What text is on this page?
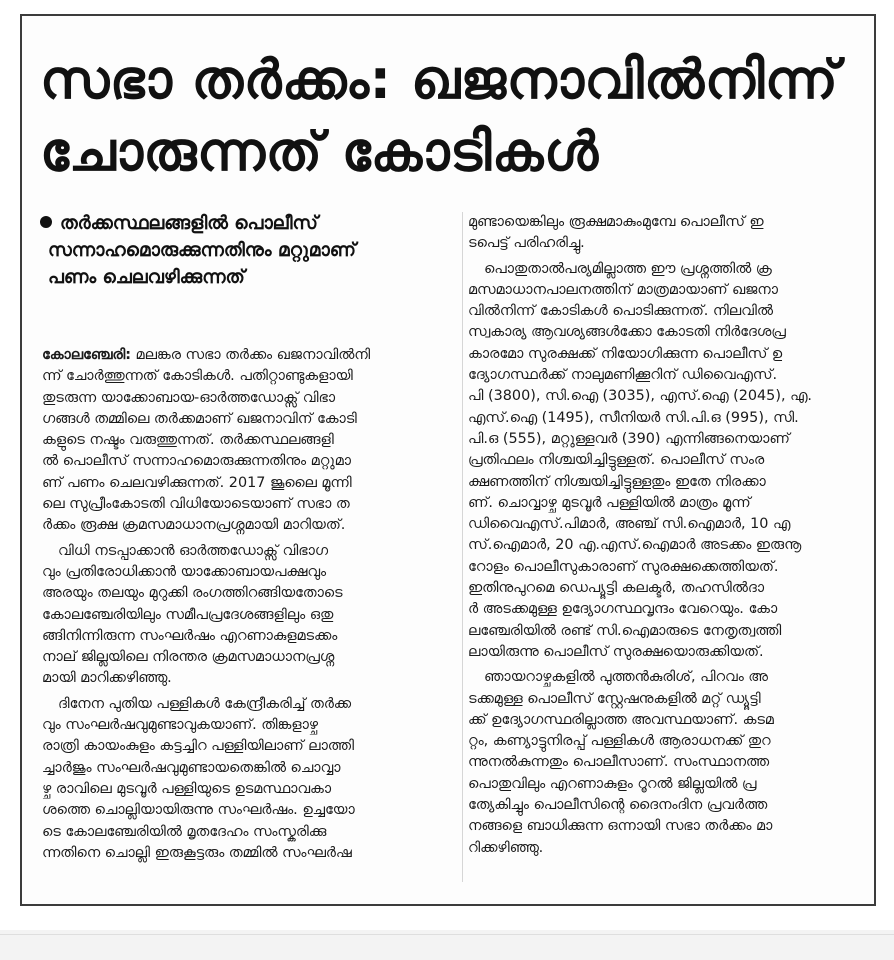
സഭാ തർക്കം: ഖജനാവിൽനിന്ന്
ചോരുന്നത് കോടികൾ
തർക്കസ്ഥലങ്ങളിൽ പൊലീസ്
സന്നാഹമൊരുക്കുന്നതിനും മറ്റുമാണ്
പണം ചെലവഴിക്കുന്നത്
കോലഞ്ചേരി: മലങ്കര സഭാ തർക്കം ഖജനാവിൽനി
ന്ന് ചോർത്തുന്നത് കോടികൾ. പതിറ്റാണ്ടുകളായി
തുടരുന്ന യാക്കോബായ-ഓർത്തഡോക്സ് വിഭാ
ഗങ്ങൾ തമ്മിലെ തർക്കമാണ് ഖജനാവിന് കോടി
കളുടെ നഷ്ടം വരുത്തുന്നത്. തർക്കസ്ഥലങ്ങളി
ൽ പൊലീസ് സന്നാഹമൊരുക്കുന്നതിനും മറ്റുമാ
ണ് പണം ചെലവഴിക്കുന്നത്. 2017 ജൂലൈ മൂന്നി
ലെ സുപ്രീംകോടതി വിധിയോടെയാണ് സഭാ ത
ർക്കം രൂക്ഷ ക്രമസമാധാനപ്രശ്നമായി മാറിയത്.
വിധി നടപ്പാക്കാൻ ഓർത്തഡോക്സ് വിഭാഗ
വും പ്രതിരോധിക്കാൻ യാക്കോബായപക്ഷവും
അരയും തലയും മുറുക്കി രംഗത്തിറങ്ങിയതോടെ
കോലഞ്ചേരിയിലും സമീപപ്രദേശങ്ങളിലും ഒതു
ങ്ങിനിന്നിരുന്ന സംഘർഷം എറണാകുളമടക്കം
നാല് ജില്ലയിലെ നിരന്തര ക്രമസമാധാനപ്രശ്ന
മായി മാറിക്കഴിഞ്ഞു.
ദിനേന പുതിയ പള്ളികൾ കേന്ദ്രീകരിച്ച് തർക്ക
വും സംഘർഷവുമുണ്ടാവുകയാണ്. തിങ്കളാഴ്ച
രാത്രി കായംകുളം കട്ടച്ചിറ പള്ളിയിലാണ് ലാത്തി
ച്ചാർജും സംഘർഷവുമുണ്ടായതെങ്കിൽ ചൊവ്വാ
ഴ്ച രാവിലെ മുടവൂർ പള്ളിയുടെ ഉടമസ്ഥാവകാ
ശത്തെ ചൊല്ലിയായിരുന്നു സംഘർഷം. ഉച്ചയോ
ടെ കോലഞ്ചേരിയിൽ മൃതദേഹം സംസ്കരിക്കു
ന്നതിനെ ചൊല്ലി ഇരുകൂട്ടരും തമ്മിൽ സംഘർഷ
മുണ്ടായെങ്കിലും രൂക്ഷമാകുംമുമ്പേ പൊലീസ് ഇ
ടപെട്ട് പരിഹരിച്ചു.
പൊതുതാൽപര്യമില്ലാത്ത ഈ പ്രശ്നത്തിൽ ക്ര
മസമാധാനപാലനത്തിന് മാത്രമായാണ് ഖജനാ
വിൽനിന്ന് കോടികൾ പൊടിക്കുന്നത്. നിലവിൽ
സ്വകാര്യ ആവശ്യങ്ങൾക്കോ കോടതി നിർദേശപ്ര
കാരമോ സുരക്ഷക്ക് നിയോഗിക്കുന്ന പൊലീസ് ഉ
ദ്യോഗസ്ഥർക്ക് നാലുമണിക്കൂറിന് ഡിവൈഎസ്.
പി (3800), സി.ഐ (3035), എസ്.ഐ (2045), എ.
എസ്.ഐ (1495), സീനിയർ സി.പി.ഒ (995), സി.
പി.ഒ (555), മറ്റുള്ളവർ (390) എന്നിങ്ങനെയാണ്
പ്രതിഫലം നിശ്ചയിച്ചിട്ടുള്ളത്. പൊലീസ് സംര
ക്ഷണത്തിന് നിശ്ചയിച്ചിട്ടുള്ളതും ഇതേ നിരക്കാ
ണ്. ചൊവ്വാഴ്ച മുടവൂർ പള്ളിയിൽ മാത്രം മൂന്ന്
ഡിവൈഎസ്.പിമാർ, അഞ്ച് സി.ഐമാർ, 10 എ
സ്.ഐമാർ, 20 എ.എസ്.ഐമാർ അടക്കം ഇരുനൂ
റോളം പൊലീസുകാരാണ് സുരക്ഷക്കെത്തിയത്.
ഇതിനുപുറമെ ഡെപ്യൂട്ടി കലക്ടർ, തഹസിൽദാ
ർ അടക്കമുള്ള ഉദ്യോഗസ്ഥവൃന്ദം വേറെയും. കോ
ലഞ്ചേരിയിൽ രണ്ട് സി.ഐമാരുടെ നേതൃത്വത്തി
ലായിരുന്നു പൊലീസ് സുരക്ഷയൊരുക്കിയത്.
ഞായറാഴ്ചകളിൽ പുത്തൻകുരിശ്, പിറവം അ
ടക്കമുള്ള പൊലീസ് സ്റ്റേഷനുകളിൽ മറ്റ് ഡ്യൂട്ടി
ക്ക് ഉദ്യോഗസ്ഥരില്ലാത്ത അവസ്ഥയാണ്. കടമ
റ്റം, കണ്യാട്ടുനിരപ്പ് പള്ളികൾ ആരാധനക്ക് തുറ
ന്നുനൽകുന്നതും പൊലീസാണ്. സംസ്ഥാനത്ത
പൊതുവിലും എറണാകുളം റൂറൽ ജില്ലയിൽ പ്ര
ത്യേകിച്ചും പൊലീസിന്റെ ദൈനംദിന പ്രവർത്ത
നങ്ങളെ ബാധിക്കുന്ന ഒന്നായി സഭാ തർക്കം മാ
റിക്കഴിഞ്ഞു.
